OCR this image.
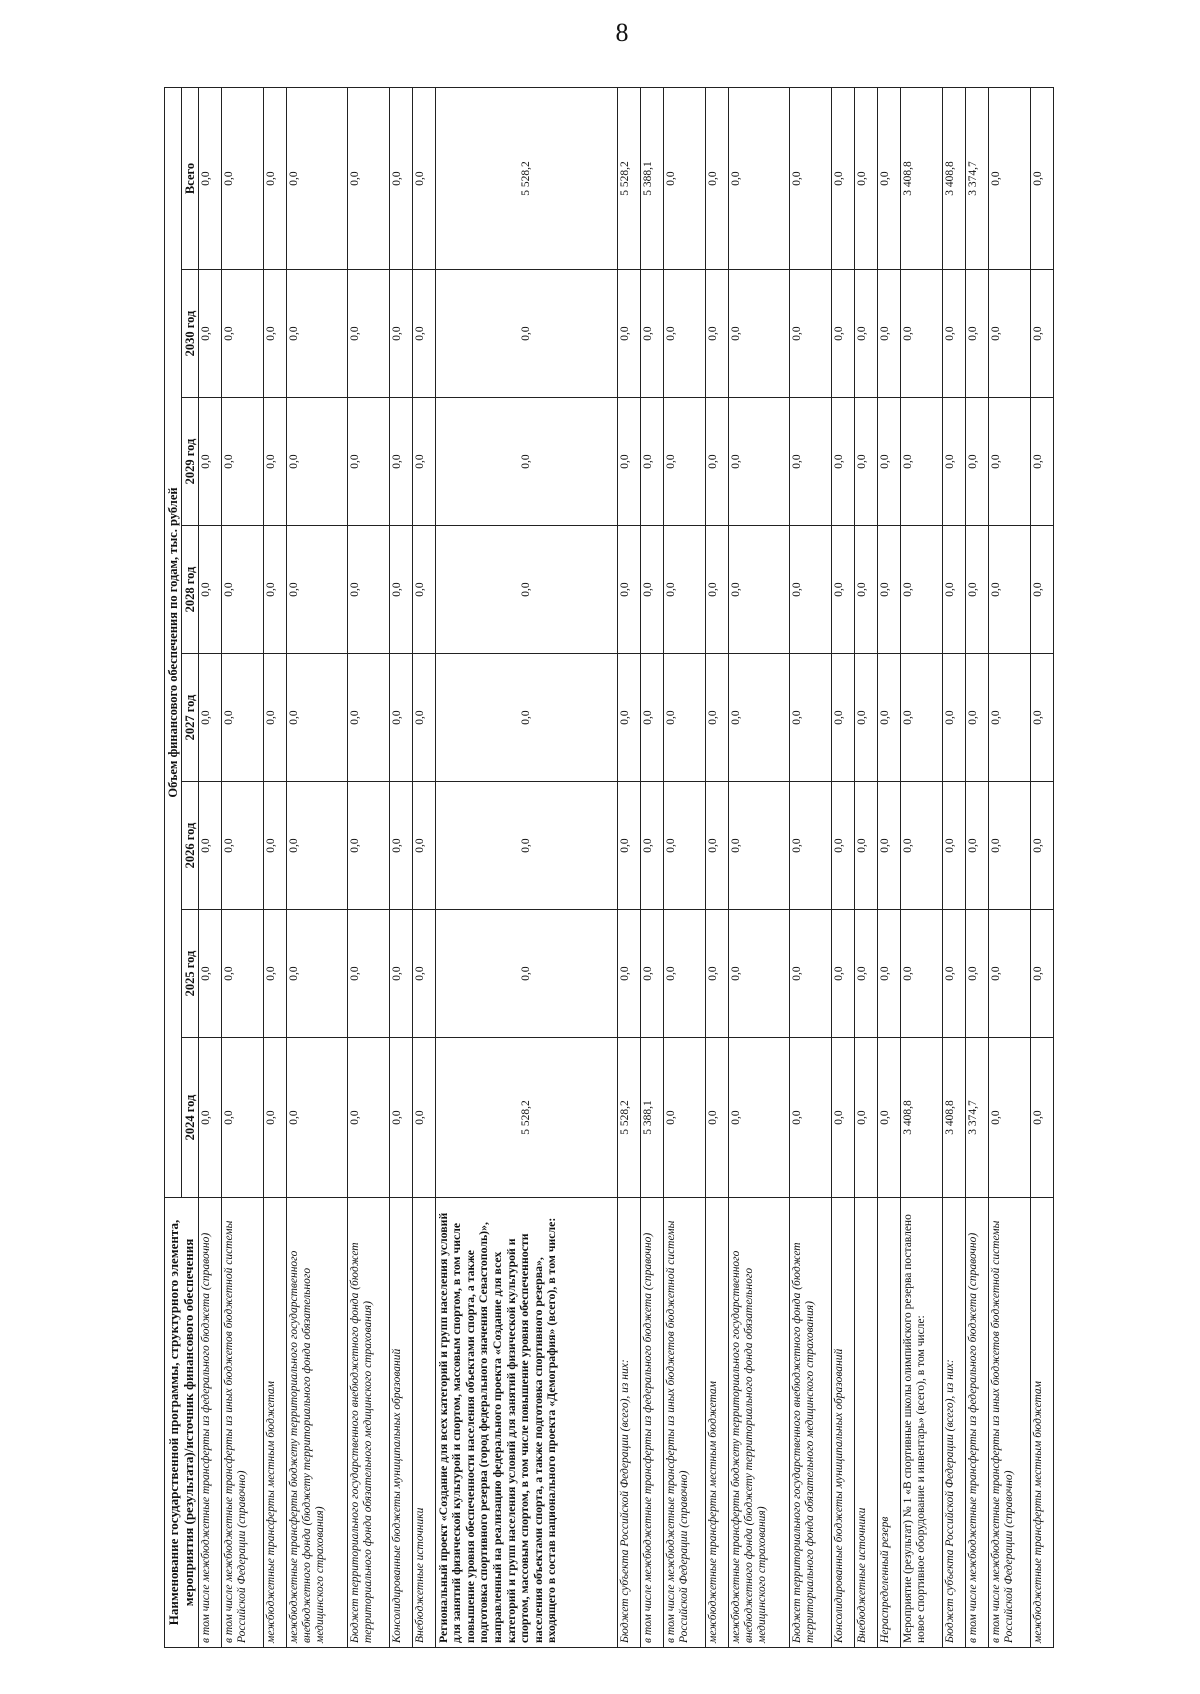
8
Наименование государственной программы, структурного элемента, мероприятия (результата)/источник финансового обеспечения	Объем финансового обеспечения по годам, тыс. рублей							
	2024 год	2025 год	2026 год	2027 год	2028 год	2029 год	2030 год	Всего
в том числе межбюджетные трансферты из федерального бюджета (справочно)	0,0	0,0	0,0	0,0	0,0	0,0	0,0	0,0
в том числе межбюджетные трансферты из иных бюджетов бюджетной системы Российской Федерации (справочно)	0,0	0,0	0,0	0,0	0,0	0,0	0,0	0,0
межбюджетные трансферты местным бюджетам	0,0	0,0	0,0	0,0	0,0	0,0	0,0	0,0
межбюджетные трансферты бюджету территориального государственного внебюджетного фонда (бюджету территориального фонда обязательного медицинского страхования)	0,0	0,0	0,0	0,0	0,0	0,0	0,0	0,0
Бюджет территориального государственного внебюджетного фонда (бюджет территориального фонда обязательного медицинского страхования)	0,0	0,0	0,0	0,0	0,0	0,0	0,0	0,0
Консолидированные бюджеты муниципальных образований	0,0	0,0	0,0	0,0	0,0	0,0	0,0	0,0
Внебюджетные источники	0,0	0,0	0,0	0,0	0,0	0,0	0,0	0,0
Региональный проект «Создание для всех категорий и групп населения условий для занятий физической культурой и спортом, массовым спортом, в том числе повышение уровня обеспеченности населения объектами спорта, а также подготовка спортивного резерва (город федерального значения Севастополь)», направленный на реализацию федерального проекта «Создание для всех категорий и групп населения условий для занятий физической культурой и спортом, массовым спортом, в том числе повышение уровня обеспеченности населения объектами спорта, а также подготовка спортивного резерва», входящего в состав национального проекта «Демография» (всего), в том числе:	5 528,2	0,0	0,0	0,0	0,0	0,0	0,0	5 528,2
Бюджет субъекта Российской Федерации (всего), из них:	5 528,2	0,0	0,0	0,0	0,0	0,0	0,0	5 528,2
в том числе межбюджетные трансферты из федерального бюджета (справочно)	5 388,1	0,0	0,0	0,0	0,0	0,0	0,0	5 388,1
в том числе межбюджетные трансферты из иных бюджетов бюджетной системы Российской Федерации (справочно)	0,0	0,0	0,0	0,0	0,0	0,0	0,0	0,0
межбюджетные трансферты местным бюджетам	0,0	0,0	0,0	0,0	0,0	0,0	0,0	0,0
межбюджетные трансферты бюджету территориального государственного внебюджетного фонда (бюджету территориального фонда обязательного медицинского страхования)	0,0	0,0	0,0	0,0	0,0	0,0	0,0	0,0
Бюджет территориального государственного внебюджетного фонда (бюджет территориального фонда обязательного медицинского страхования)	0,0	0,0	0,0	0,0	0,0	0,0	0,0	0,0
Консолидированные бюджеты муниципальных образований	0,0	0,0	0,0	0,0	0,0	0,0	0,0	0,0
Внебюджетные источники	0,0	0,0	0,0	0,0	0,0	0,0	0,0	0,0
Нераспределенный резерв	0,0	0,0	0,0	0,0	0,0	0,0	0,0	0,0
Мероприятие (результат) № 1 «В спортивные школы олимпийского резерва поставлено новое спортивное оборудование и инвентарь» (всего), в том числе:	3 408,8	0,0	0,0	0,0	0,0	0,0	0,0	3 408,8
Бюджет субъекта Российской Федерации (всего), из них:	3 408,8	0,0	0,0	0,0	0,0	0,0	0,0	3 408,8
в том числе межбюджетные трансферты из федерального бюджета (справочно)	3 374,7	0,0	0,0	0,0	0,0	0,0	0,0	3 374,7
в том числе межбюджетные трансферты из иных бюджетов бюджетной системы Российской Федерации (справочно)	0,0	0,0	0,0	0,0	0,0	0,0	0,0	0,0
межбюджетные трансферты местным бюджетам	0,0	0,0	0,0	0,0	0,0	0,0	0,0	0,0
